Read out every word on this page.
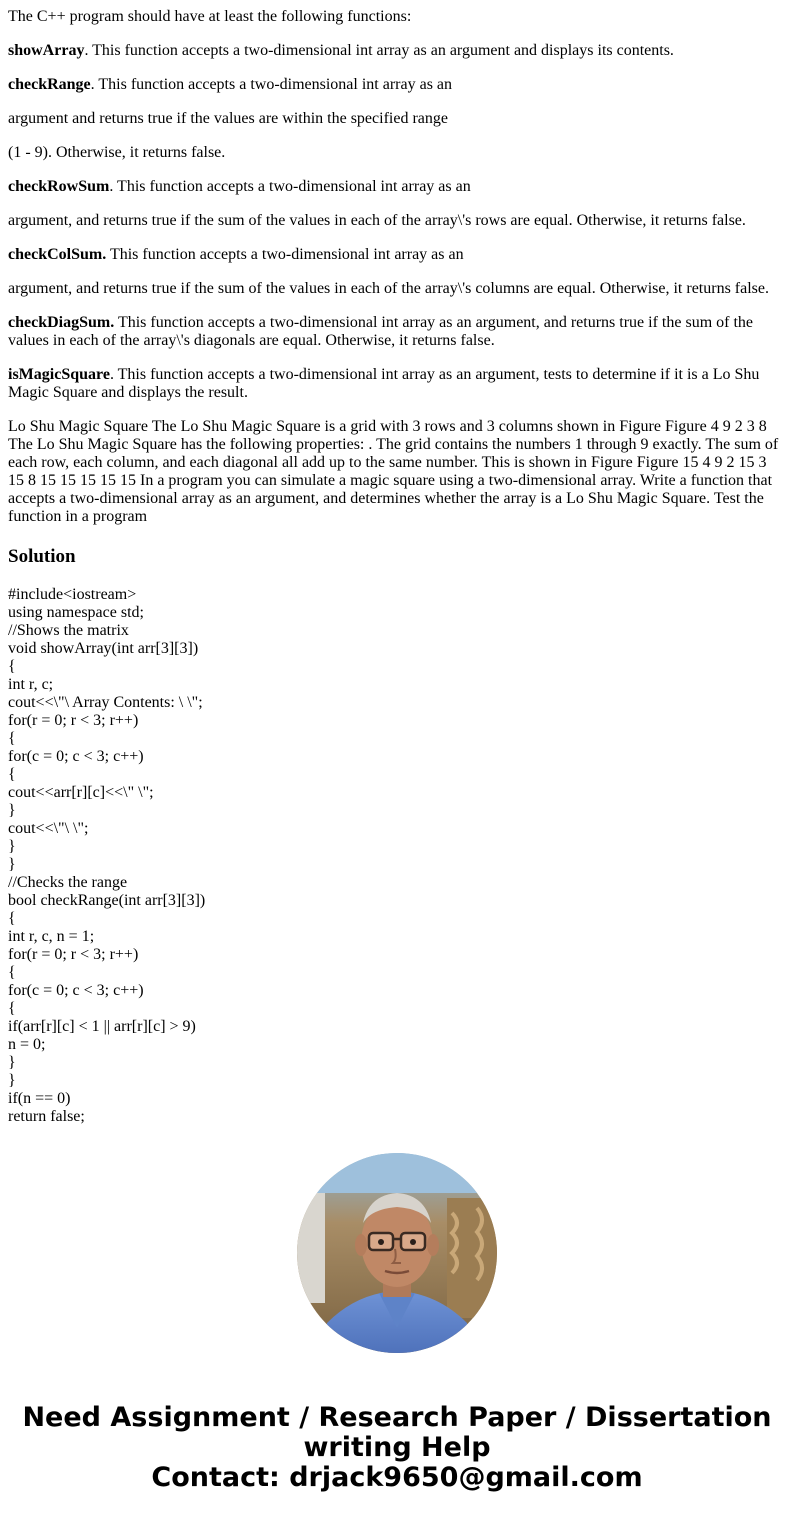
The C++ program should have at least the following functions:

showArray. This function accepts a two-dimensional int array as an argument and displays its contents.

checkRange. This function accepts a two-dimensional int array as an

argument and returns true if the values are within the specified range

(1 - 9). Otherwise, it returns false.

checkRowSum. This function accepts a two-dimensional int array as an

argument, and returns true if the sum of the values in each of the array\'s rows are equal. Otherwise, it returns false.

checkColSum. This function accepts a two-dimensional int array as an

argument, and returns true if the sum of the values in each of the array\'s columns are equal. Otherwise, it returns false.

checkDiagSum. This function accepts a two-dimensional int array as an argument, and returns true if the sum of the values in each of the array\'s diagonals are equal. Otherwise, it returns false.

isMagicSquare. This function accepts a two-dimensional int array as an argument, tests to determine if it is a Lo Shu Magic Square and displays the result.

Lo Shu Magic Square The Lo Shu Magic Square is a grid with 3 rows and 3 columns shown in Figure Figure 4 9 2 3 8 The Lo Shu Magic Square has the following properties: . The grid contains the numbers 1 through 9 exactly. The sum of each row, each column, and each diagonal all add up to the same number. This is shown in Figure Figure 15 4 9 2 15 3 15 8 15 15 15 15 15 In a program you can simulate a magic square using a two-dimensional array. Write a function that accepts a two-dimensional array as an argument, and determines whether the array is a Lo Shu Magic Square. Test the function in a program

Solution
#include<iostream>
using namespace std;
//Shows the matrix
void showArray(int arr[3][3])
{
int r, c;
cout<<\"\ Array Contents: \ \";
for(r = 0; r < 3; r++)
{
for(c = 0; c < 3; c++)
{
cout<<arr[r][c]<<\" \";
}
cout<<\"\ \";
}
}
//Checks the range
bool checkRange(int arr[3][3])
{
int r, c, n = 1;
for(r = 0; r < 3; r++)
{
for(c = 0; c < 3; c++)
{
if(arr[r][c] < 1 || arr[r][c] > 9)
n = 0;
}
}
if(n == 0)
return false;
Need Assignment / Research Paper / Dissertation
writing Help
Contact: drjack9650@gmail.com
